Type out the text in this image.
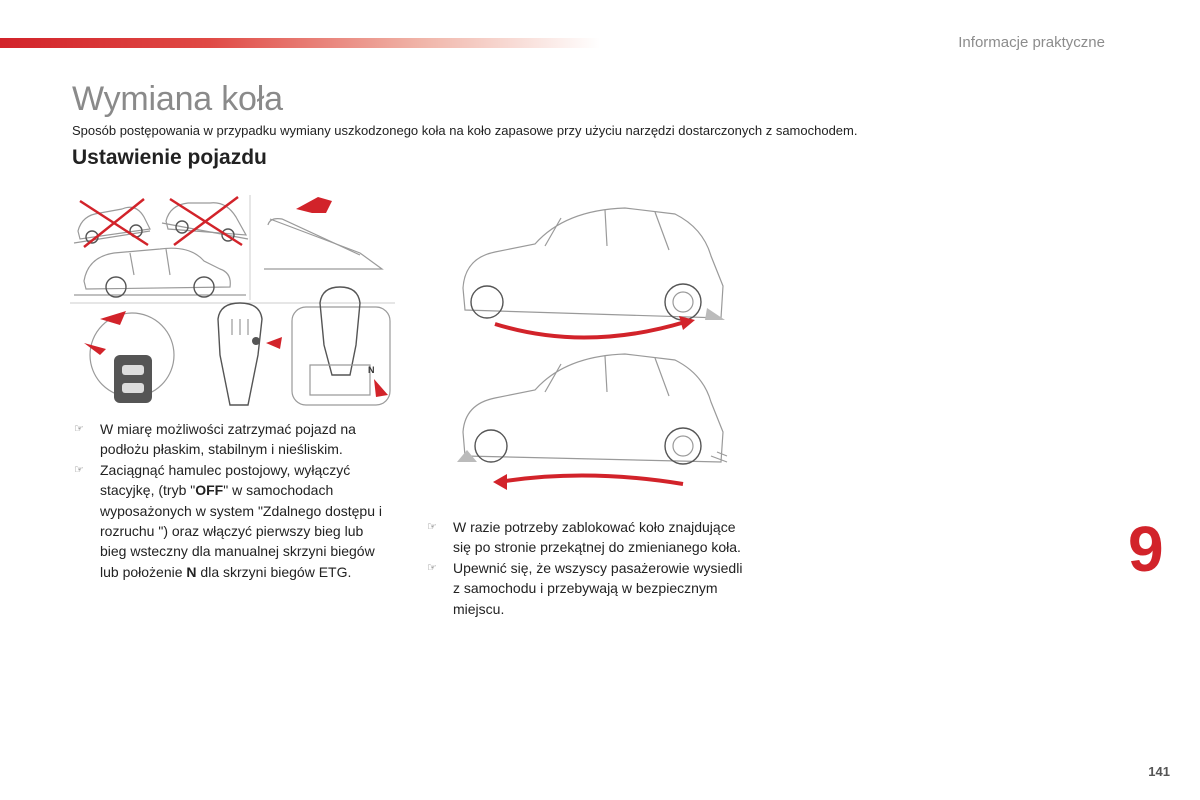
Informacje praktyczne
Wymiana koła
Sposób postępowania w przypadku wymiany uszkodzonego koła na koło zapasowe przy użyciu narzędzi dostarczonych z samochodem.
Ustawienie pojazdu
N
☞ W miarę możliwości zatrzymać pojazd na podłożu płaskim, stabilnym i nieśliskim.
☞ Zaciągnąć hamulec postojowy, wyłączyć stacyjkę, (tryb "OFF" w samochodach wyposażonych w system "Zdalnego dostępu i rozruchu ") oraz włączyć pierwszy bieg lub bieg wsteczny dla manualnej skrzyni biegów lub położenie N dla skrzyni biegów ETG.
☞ W razie potrzeby zablokować koło znajdujące się po stronie przekątnej do zmienianego koła.
☞ Upewnić się, że wszyscy pasażerowie wysiedli z samochodu i przebywają w bezpiecznym miejscu.
9
141
